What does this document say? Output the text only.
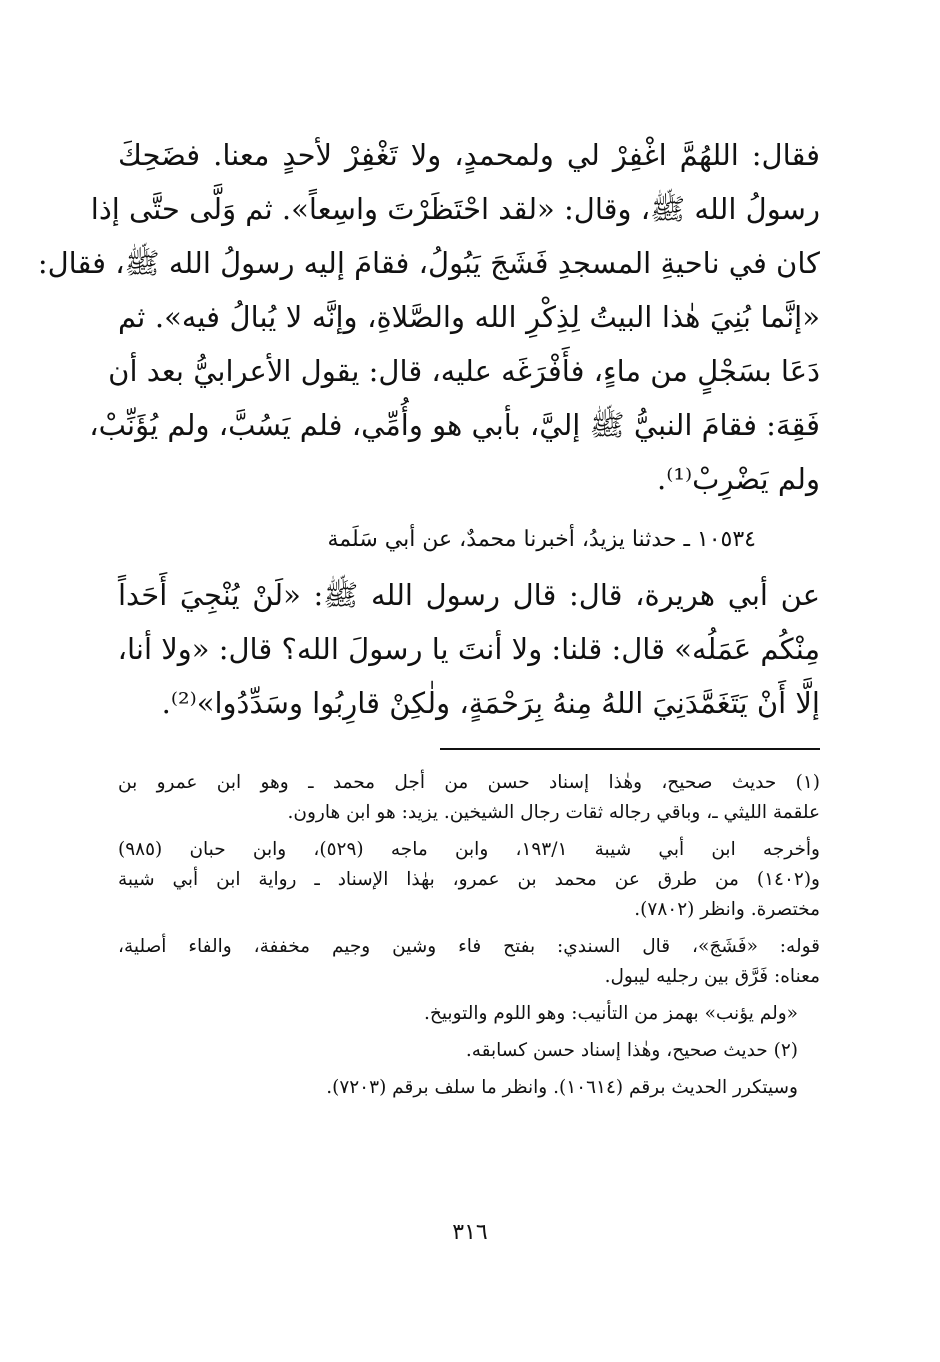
فقال: اللهُمَّ اغْفِرْ لي ولمحمدٍ، ولا تَغْفِرْ لأحدٍ معنا. فضَحِكَ
رسولُ الله ﷺ، وقال: «لقد احْتَظَرْتَ واسِعاً». ثم وَلَّى حتَّى إذا
كان في ناحيةِ المسجدِ فَشَجَ يَبُولُ، فقامَ إليه رسولُ الله ﷺ، فقال:
«إنَّما بُنِيَ هٰذا البيتُ لِذِكْرِ الله والصَّلاةِ، وإنَّه لا يُبالُ فيه». ثم
دَعَا بسَجْلٍ من ماءٍ، فأَفْرَغَه عليه، قال: يقول الأعرابيُّ بعد أن
فَقِهَ: فقامَ النبيُّ ﷺ إليَّ، بأبي هو وأُمِّي، فلم يَسُبَّ، ولم يُؤَنِّبْ،
ولم يَضْرِبْ⁽¹⁾.
١٠٥٣٤ ـ حدثنا يزيدُ، أخبرنا محمدٌ، عن أبي سَلَمة
عن أبي هريرة، قال: قال رسول الله ﷺ: «لَنْ يُنْجِيَ أَحَداً
مِنْكُم عَمَلُه» قال: قلنا: ولا أنتَ يا رسولَ الله؟ قال: «ولا أنا،
إلَّا أَنْ يَتَغَمَّدَنِيَ اللهُ مِنهُ بِرَحْمَةٍ، ولٰكِنْ قارِبُوا وسَدِّدُوا»⁽²⁾.
(١) حديث صحيح، وهٰذا إسناد حسن من أجل محمد ـ وهو ابن عمرو بن
علقمة الليثي ـ، وباقي رجاله ثقات رجال الشيخين. يزيد: هو ابن هارون.
وأخرجه ابن أبي شيبة ١٩٣/١، وابن ماجه (٥٢٩)، وابن حبان (٩٨٥)
و(١٤٠٢) من طرق عن محمد بن عمرو، بهٰذا الإسناد ـ رواية ابن أبي شيبة
مختصرة. وانظر (٧٨٠٢).
قوله: «فَشَجَ»، قال السندي: بفتح فاء وشين وجيم مخففة، والفاء أصلية،
معناه: فَرَّق بين رجليه ليبول.
«ولم يؤنب» بهمز من التأنيب: وهو اللوم والتوبيخ.
(٢) حديث صحيح، وهٰذا إسناد حسن كسابقه.
وسيتكرر الحديث برقم (١٠٦١٤). وانظر ما سلف برقم (٧٢٠٣).
٣١٦
